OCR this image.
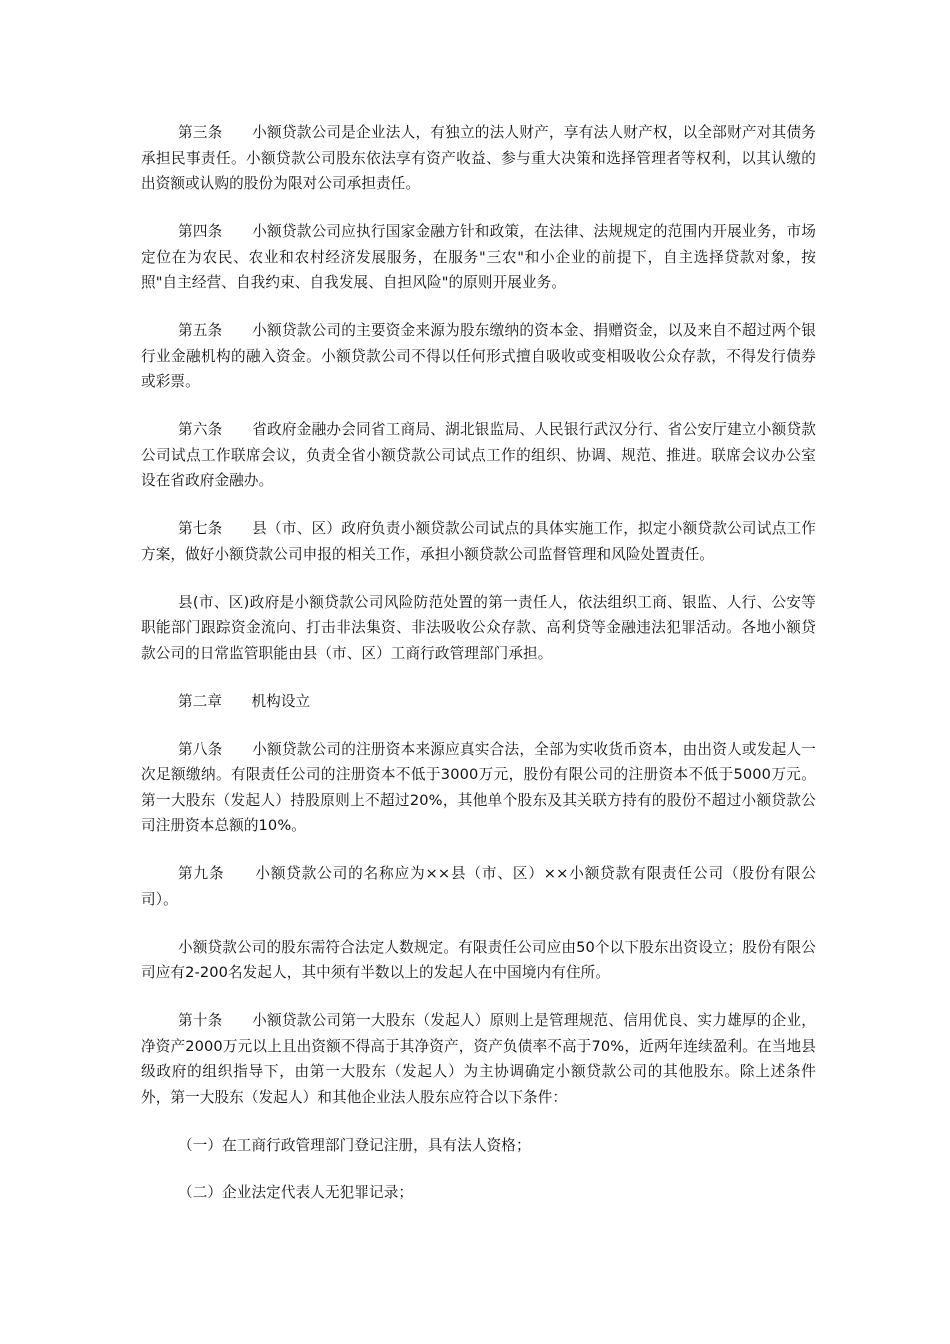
第三条　　小额贷款公司是企业法人，有独立的法人财产，享有法人财产权，以全部财产对其债务承担民事责任。小额贷款公司股东依法享有资产收益、参与重大决策和选择管理者等权利，以其认缴的出资额或认购的股份为限对公司承担责任。

第四条　　小额贷款公司应执行国家金融方针和政策，在法律、法规规定的范围内开展业务，市场定位在为农民、农业和农村经济发展服务，在服务"三农"和小企业的前提下，自主选择贷款对象，按照"自主经营、自我约束、自我发展、自担风险"的原则开展业务。

第五条　　小额贷款公司的主要资金来源为股东缴纳的资本金、捐赠资金，以及来自不超过两个银行业金融机构的融入资金。小额贷款公司不得以任何形式擅自吸收或变相吸收公众存款，不得发行债券或彩票。

第六条　　省政府金融办会同省工商局、湖北银监局、人民银行武汉分行、省公安厅建立小额贷款公司试点工作联席会议，负责全省小额贷款公司试点工作的组织、协调、规范、推进。联席会议办公室设在省政府金融办。

第七条　　县（市、区）政府负责小额贷款公司试点的具体实施工作，拟定小额贷款公司试点工作方案，做好小额贷款公司申报的相关工作，承担小额贷款公司监督管理和风险处置责任。

县(市、区)政府是小额贷款公司风险防范处置的第一责任人，依法组织工商、银监、人行、公安等职能部门跟踪资金流向、打击非法集资、非法吸收公众存款、高利贷等金融违法犯罪活动。各地小额贷款公司的日常监管职能由县（市、区）工商行政管理部门承担。

第二章　　机构设立

第八条　　小额贷款公司的注册资本来源应真实合法，全部为实收货币资本，由出资人或发起人一次足额缴纳。有限责任公司的注册资本不低于3000万元，股份有限公司的注册资本不低于5000万元。第一大股东（发起人）持股原则上不超过20%，其他单个股东及其关联方持有的股份不超过小额贷款公司注册资本总额的10%。

第九条　　小额贷款公司的名称应为××县（市、区）××小额贷款有限责任公司（股份有限公司）。

小额贷款公司的股东需符合法定人数规定。有限责任公司应由50个以下股东出资设立；股份有限公司应有2-200名发起人，其中须有半数以上的发起人在中国境内有住所。

第十条　　小额贷款公司第一大股东（发起人）原则上是管理规范、信用优良、实力雄厚的企业，净资产2000万元以上且出资额不得高于其净资产，资产负债率不高于70%，近两年连续盈利。在当地县级政府的组织指导下，由第一大股东（发起人）为主协调确定小额贷款公司的其他股东。除上述条件外，第一大股东（发起人）和其他企业法人股东应符合以下条件：

（一）在工商行政管理部门登记注册，具有法人资格；

（二）企业法定代表人无犯罪记录；
